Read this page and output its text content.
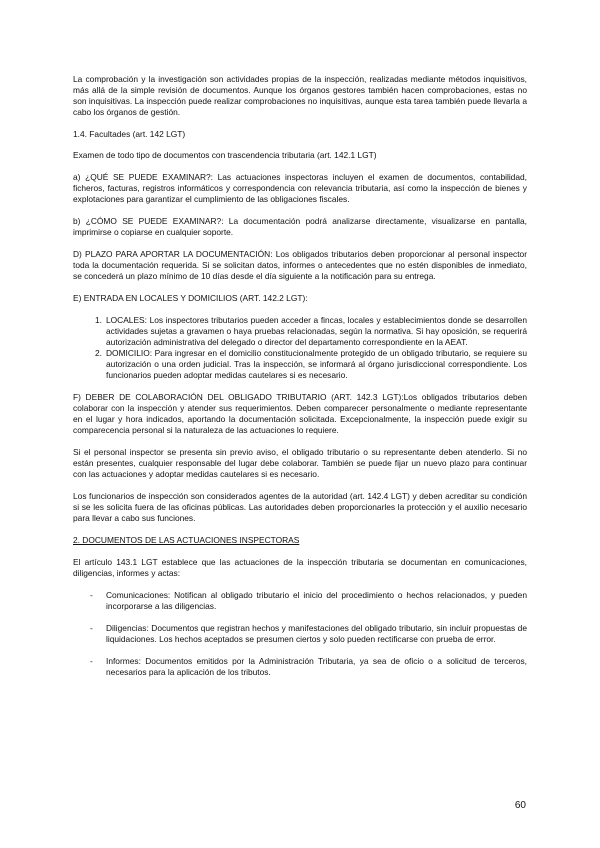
La comprobación y la investigación son actividades propias de la inspección, realizadas mediante métodos inquisitivos, más allá de la simple revisión de documentos. Aunque los órganos gestores también hacen comprobaciones, estas no son inquisitivas. La inspección puede realizar comprobaciones no inquisitivas, aunque esta tarea también puede llevarla a cabo los órganos de gestión.

1.4. Facultades (art. 142 LGT)

Examen de todo tipo de documentos con trascendencia tributaria (art. 142.1 LGT)

a) ¿QUÉ SE PUEDE EXAMINAR?: Las actuaciones inspectoras incluyen el examen de documentos, contabilidad, ficheros, facturas, registros informáticos y correspondencia con relevancia tributaria, así como la inspección de bienes y explotaciones para garantizar el cumplimiento de las obligaciones fiscales.

b) ¿CÓMO SE PUEDE EXAMINAR?: La documentación podrá analizarse directamente, visualizarse en pantalla, imprimirse o copiarse en cualquier soporte.

D) PLAZO PARA APORTAR LA DOCUMENTACIÓN: Los obligados tributarios deben proporcionar al personal inspector toda la documentación requerida. Si se solicitan datos, informes o antecedentes que no estén disponibles de inmediato, se concederá un plazo mínimo de 10 días desde el día siguiente a la notificación para su entrega.

E) ENTRADA EN LOCALES Y DOMICILIOS (ART. 142.2 LGT):

1. LOCALES: Los inspectores tributarios pueden acceder a fincas, locales y establecimientos donde se desarrollen actividades sujetas a gravamen o haya pruebas relacionadas, según la normativa. Si hay oposición, se requerirá autorización administrativa del delegado o director del departamento correspondiente en la AEAT.
2. DOMICILIO: Para ingresar en el domicilio constitucionalmente protegido de un obligado tributario, se requiere su autorización o una orden judicial. Tras la inspección, se informará al órgano jurisdiccional correspondiente. Los funcionarios pueden adoptar medidas cautelares si es necesario.

F) DEBER DE COLABORACIÓN DEL OBLIGADO TRIBUTARIO (ART. 142.3 LGT):Los obligados tributarios deben colaborar con la inspección y atender sus requerimientos. Deben comparecer personalmente o mediante representante en el lugar y hora indicados, aportando la documentación solicitada. Excepcionalmente, la inspección puede exigir su comparecencia personal si la naturaleza de las actuaciones lo requiere.

Si el personal inspector se presenta sin previo aviso, el obligado tributario o su representante deben atenderlo. Si no están presentes, cualquier responsable del lugar debe colaborar. También se puede fijar un nuevo plazo para continuar con las actuaciones y adoptar medidas cautelares si es necesario.

Los funcionarios de inspección son considerados agentes de la autoridad (art. 142.4 LGT) y deben acreditar su condición si se les solicita fuera de las oficinas públicas. Las autoridades deben proporcionarles la protección y el auxilio necesario para llevar a cabo sus funciones.

2. DOCUMENTOS DE LAS ACTUACIONES INSPECTORAS

El artículo 143.1 LGT establece que las actuaciones de la inspección tributaria se documentan en comunicaciones, diligencias, informes y actas:

-	Comunicaciones: Notifican al obligado tributario el inicio del procedimiento o hechos relacionados, y pueden incorporarse a las diligencias.
-	Diligencias: Documentos que registran hechos y manifestaciones del obligado tributario, sin incluir propuestas de liquidaciones. Los hechos aceptados se presumen ciertos y solo pueden rectificarse con prueba de error.
-	Informes: Documentos emitidos por la Administración Tributaria, ya sea de oficio o a solicitud de terceros, necesarios para la aplicación de los tributos.
60
